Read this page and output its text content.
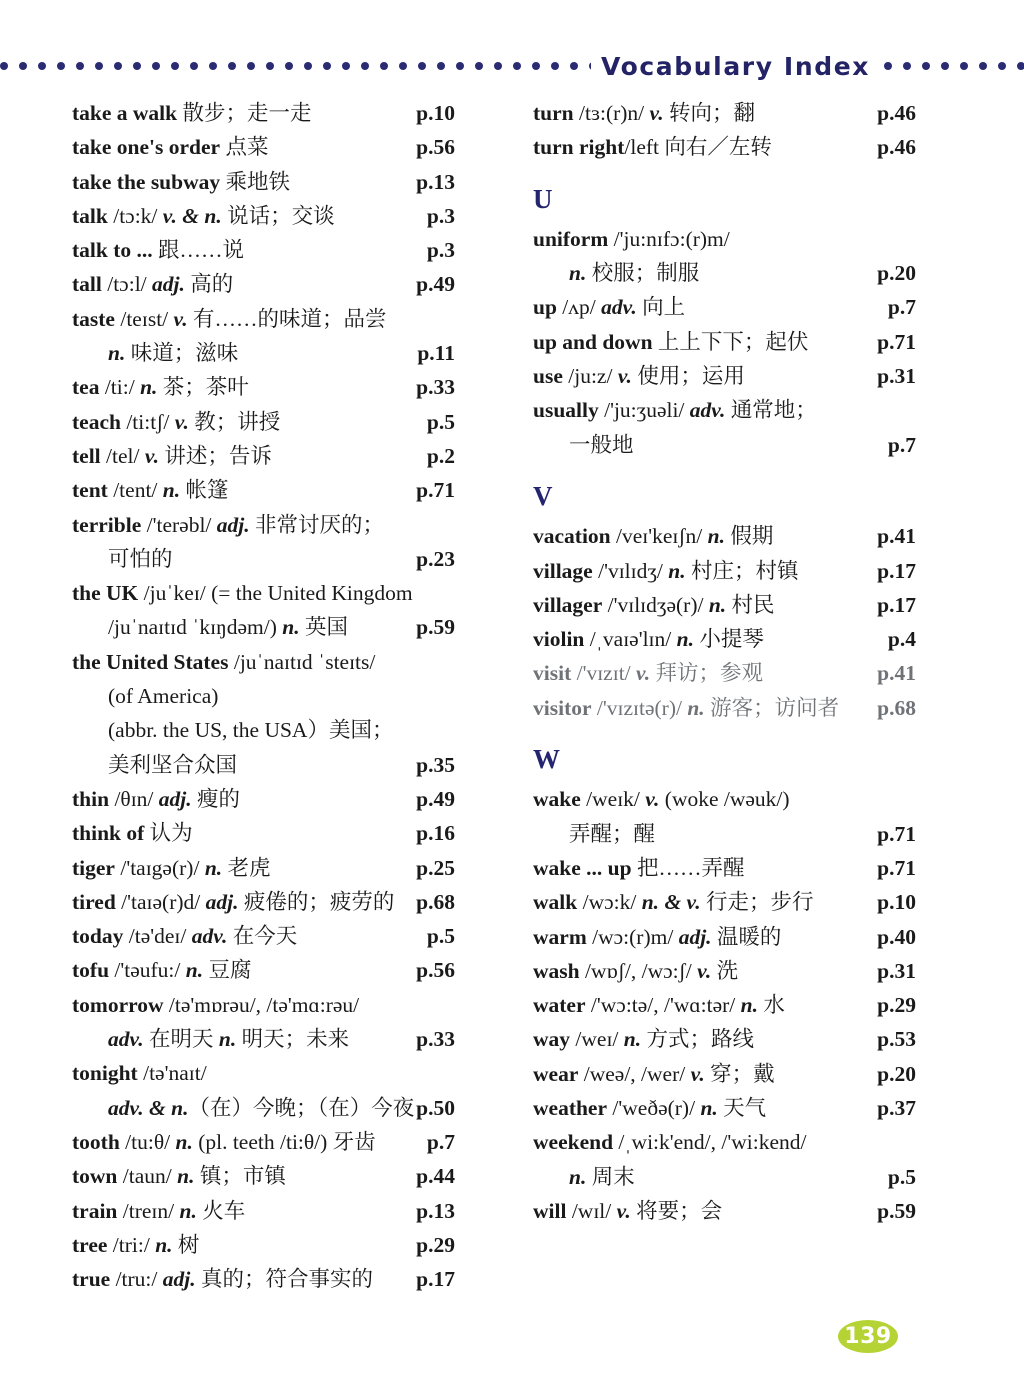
Vocabulary Index
take a walk 散步；走一走	p.10
take one's order 点菜	p.56
take the subway 乘地铁	p.13
talk /tɔ:k/ v. & n. 说话；交谈	p.3
talk to ... 跟……说	p.3
tall /tɔ:l/ adj. 高的	p.49
taste /teɪst/ v. 有……的味道；品尝
n. 味道；滋味	p.11
tea /ti:/ n. 茶；茶叶	p.33
teach /ti:tʃ/ v. 教；讲授	p.5
tell /tel/ v. 讲述；告诉	p.2
tent /tent/ n. 帐篷	p.71
terrible /'terəbl/ adj. 非常讨厌的；
可怕的	p.23
the UK /juˈkeɪ/ (= the United Kingdom
/juˈnaɪtɪd ˈkɪŋdəm/) n. 英国	p.59
the United States /juˈnaɪtɪd ˈsteɪts/
(of America)
(abbr. the US, the USA）美国；
美利坚合众国	p.35
thin /θɪn/ adj. 瘦的	p.49
think of 认为	p.16
tiger /'taɪgə(r)/ n. 老虎	p.25
tired /'taɪə(r)d/ adj. 疲倦的；疲劳的	p.68
today /tə'deɪ/ adv. 在今天	p.5
tofu /'təufu:/ n. 豆腐	p.56
tomorrow /tə'mɒrəu/, /tə'mɑ:rəu/
adv. 在明天 n. 明天；未来	p.33
tonight /tə'naɪt/
adv. & n.（在）今晚；（在）今夜 p.50
tooth /tu:θ/ n. (pl. teeth /ti:θ/) 牙齿	p.7
town /taun/ n. 镇；市镇	p.44
train /treɪn/ n. 火车	p.13
tree /tri:/ n. 树	p.29
true /tru:/ adj. 真的；符合事实的	p.17
turn /tɜ:(r)n/ v. 转向；翻	p.46
turn right/left 向右／左转	p.46
U
uniform /'ju:nɪfɔ:(r)m/
n. 校服；制服	p.20
up /ʌp/ adv. 向上	p.7
up and down 上上下下；起伏	p.71
use /ju:z/ v. 使用；运用	p.31
usually /'ju:ʒuəli/ adv. 通常地；
一般地	p.7
V
vacation /veɪ'keɪʃn/ n. 假期	p.41
village /'vɪlɪdʒ/ n. 村庄；村镇	p.17
villager /'vɪlɪdʒə(r)/ n. 村民	p.17
violin /ˌvaɪə'lɪn/ n. 小提琴	p.4
visit /'vɪzɪt/ v. 拜访；参观	p.41
visitor /'vɪzɪtə(r)/ n. 游客；访问者	p.68
W
wake /weɪk/ v. (woke /wəuk/)
弄醒；醒	p.71
wake ... up 把……弄醒	p.71
walk /wɔ:k/ n. & v. 行走；步行	p.10
warm /wɔ:(r)m/ adj. 温暖的	p.40
wash /wɒʃ/, /wɔ:ʃ/ v. 洗	p.31
water /'wɔ:tə/, /'wɑ:tər/ n. 水	p.29
way /weɪ/ n. 方式；路线	p.53
wear /weə/, /wer/ v. 穿；戴	p.20
weather /'weðə(r)/ n. 天气	p.37
weekend /ˌwi:k'end/, /'wi:kend/
n. 周末	p.5
will /wɪl/ v. 将要；会	p.59
139
